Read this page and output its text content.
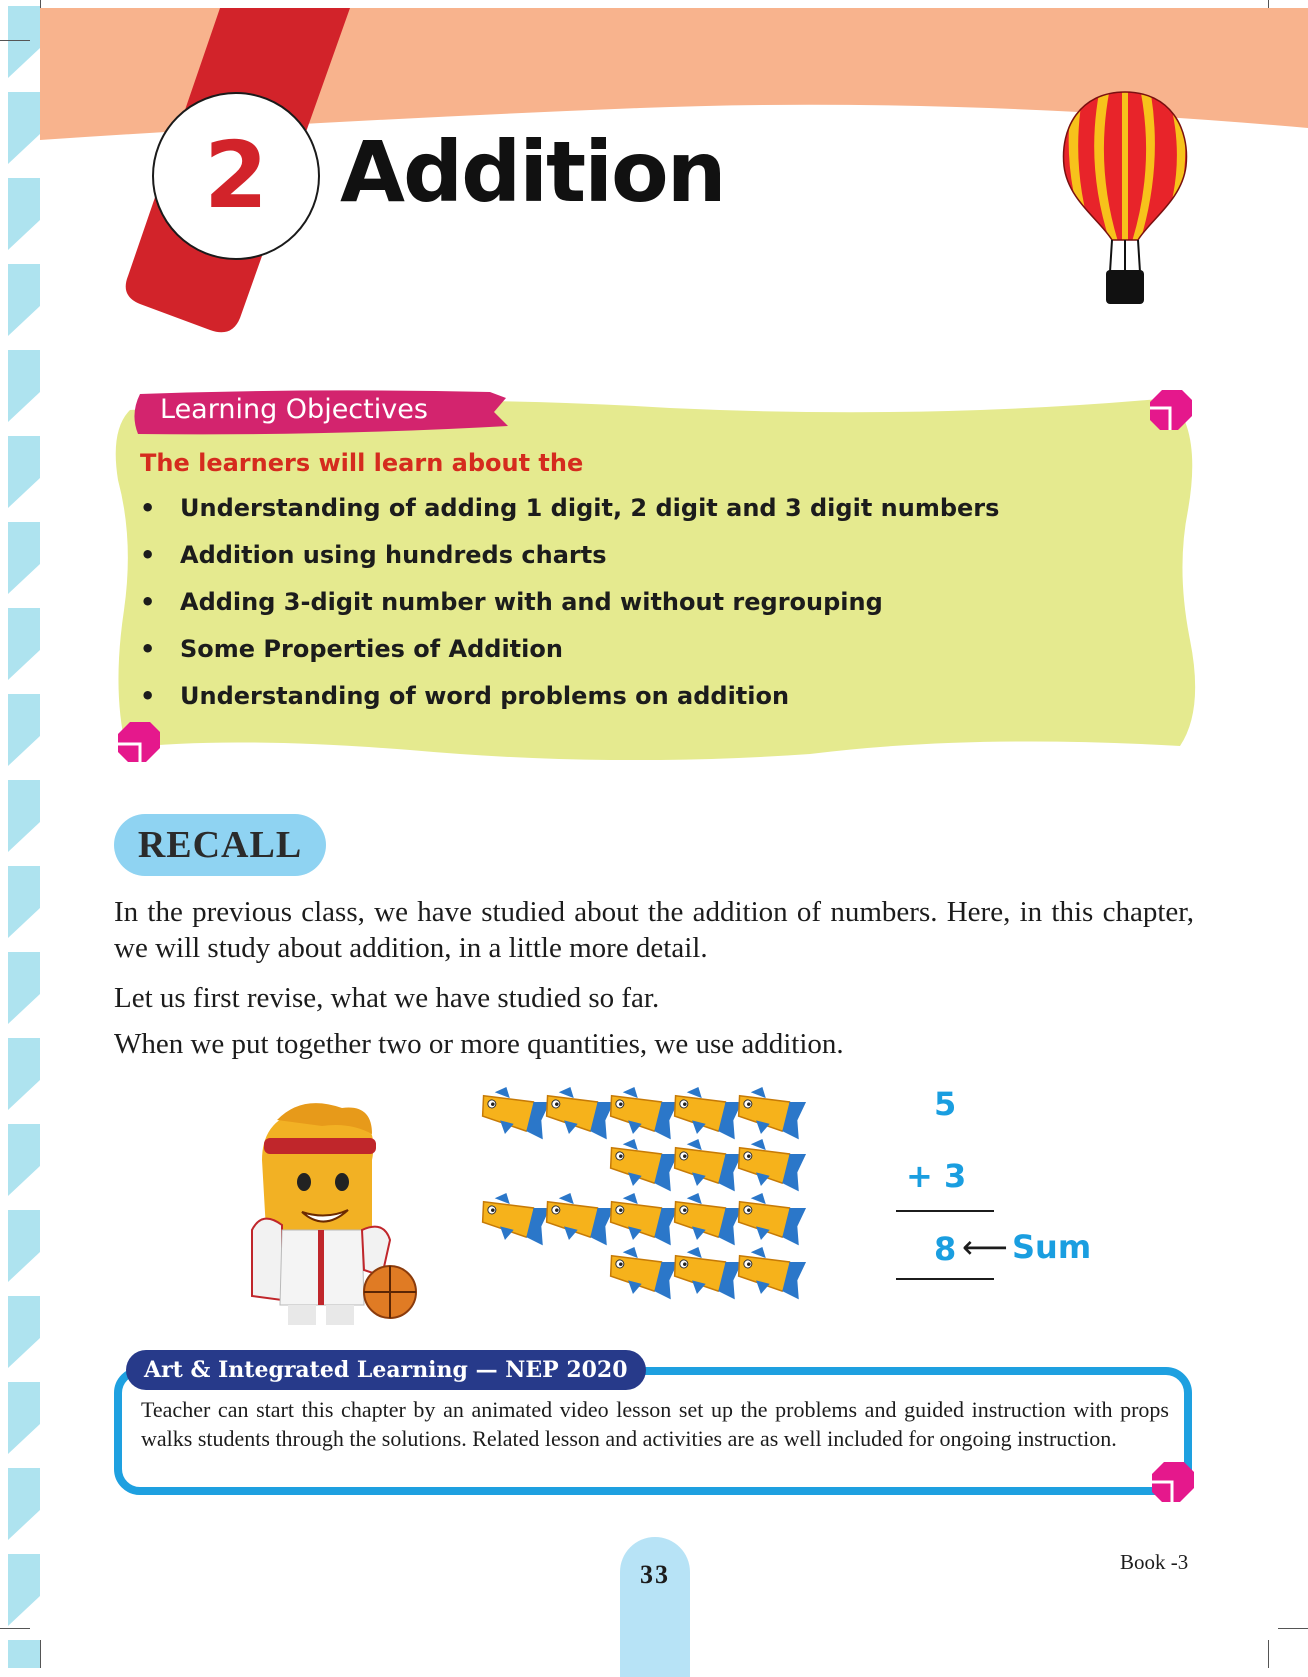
2 Addition
Learning Objectives
The learners will learn about the
•	Understanding of adding 1 digit, 2 digit and 3 digit numbers
•	Addition using hundreds charts
•	Adding 3-digit number with and without regrouping
•	Some Properties of Addition
•	Understanding of word problems on addition
RECALL
In the previous class, we have studied about the addition of numbers. Here, in this chapter, we will study about addition, in a little more detail.
Let us first revise, what we have studied so far.
When we put together two or more quantities, we use addition.
5
+ 3
8 ⟵ Sum
Art & Integrated Learning — NEP 2020
Teacher can start this chapter by an animated video lesson set up the problems and guided instruction with props walks students through the solutions. Related lesson and activities are as well included for ongoing instruction.
33	Book -3
